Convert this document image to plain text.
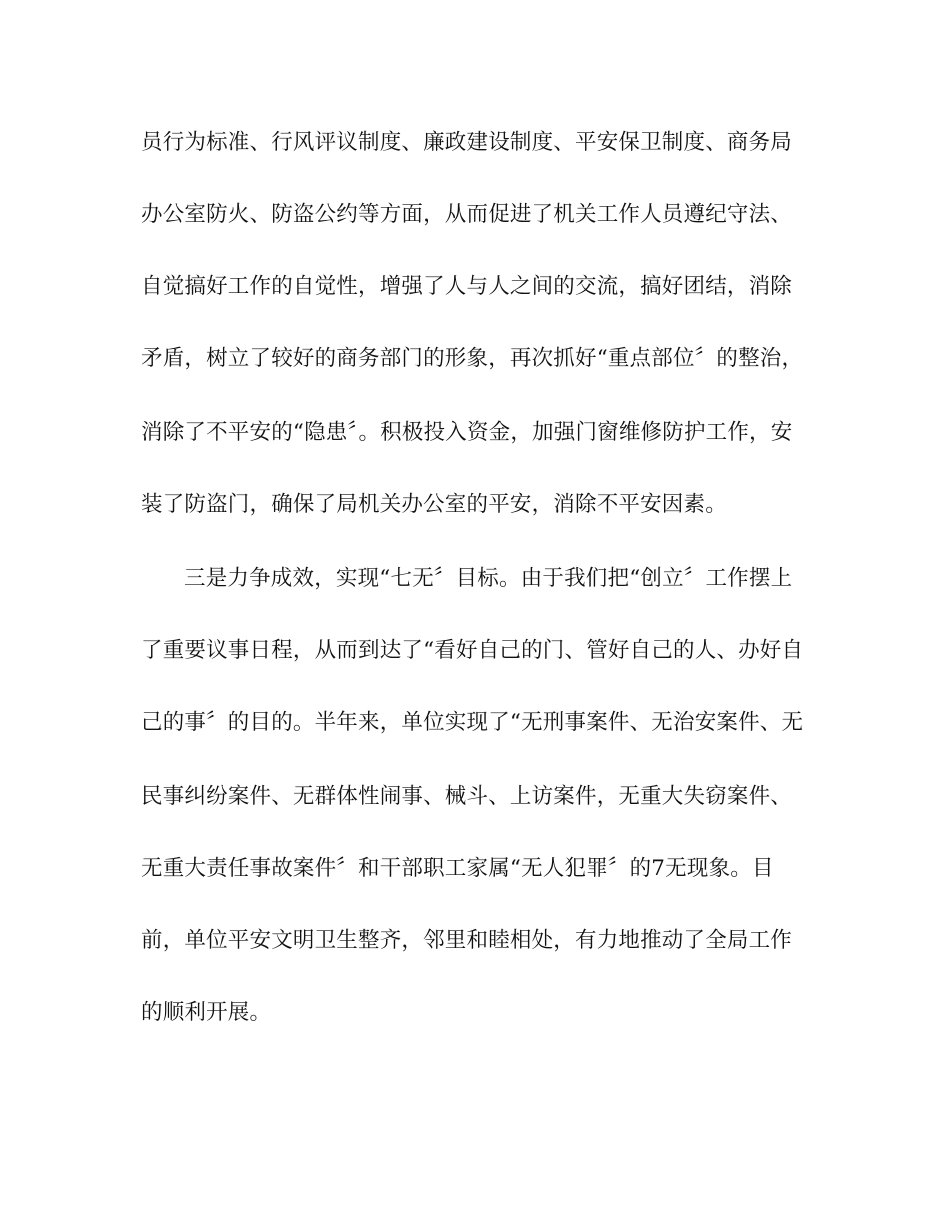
员行为标准、行风评议制度、廉政建设制度、平安保卫制度、商务局
办公室防火、防盗公约等方面，从而促进了机关工作人员遵纪守法、
自觉搞好工作的自觉性，增强了人与人之间的交流，搞好团结，消除
矛盾，树立了较好的商务部门的形象，再次抓好“重点部位〞的整治，
消除了不平安的“隐患〞。积极投入资金，加强门窗维修防护工作，安
装了防盗门，确保了局机关办公室的平安，消除不平安因素。
三是力争成效，实现“七无〞目标。由于我们把“创立〞工作摆上
了重要议事日程，从而到达了“看好自己的门、管好自己的人、办好自
己的事〞的目的。半年来，单位实现了“无刑事案件、无治安案件、无
民事纠纷案件、无群体性闹事、械斗、上访案件，无重大失窃案件、
无重大责任事故案件〞和干部职工家属“无人犯罪〞的7无现象。目
前，单位平安文明卫生整齐，邻里和睦相处，有力地推动了全局工作
的顺利开展。
